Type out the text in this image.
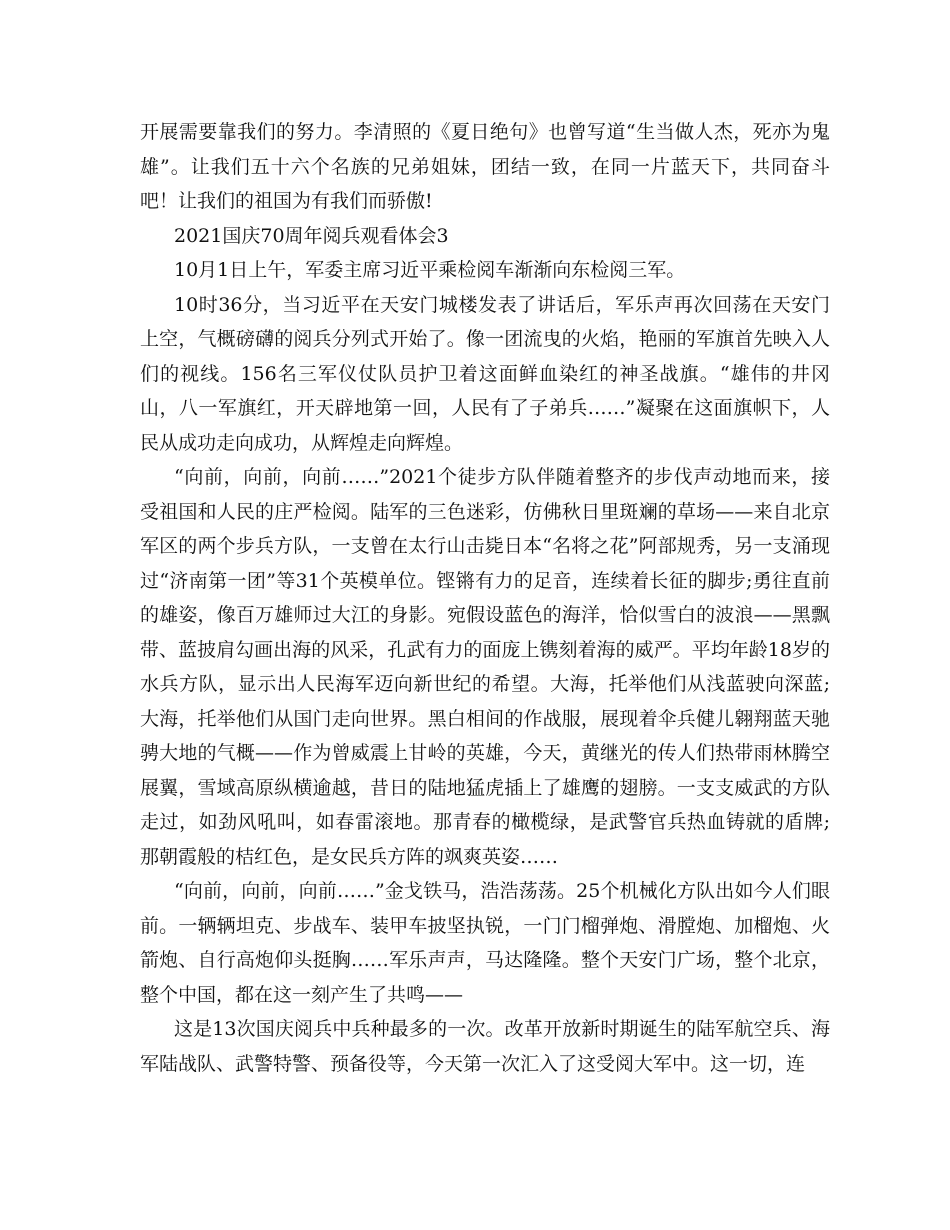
开展需要靠我们的努力。李清照的《夏日绝句》也曾写道“生当做人杰，死亦为鬼雄”。让我们五十六个名族的兄弟姐妹，团结一致，在同一片蓝天下，共同奋斗吧！让我们的祖国为有我们而骄傲!

2021国庆70周年阅兵观看体会3

10月1日上午，军委主席习近平乘检阅车渐渐向东检阅三军。

10时36分，当习近平在天安门城楼发表了讲话后，军乐声再次回荡在天安门上空，气概磅礴的阅兵分列式开始了。像一团流曳的火焰，艳丽的军旗首先映入人们的视线。156名三军仪仗队员护卫着这面鲜血染红的神圣战旗。“雄伟的井冈山，八一军旗红，开天辟地第一回，人民有了子弟兵……”凝聚在这面旗帜下，人民从成功走向成功，从辉煌走向辉煌。

“向前，向前，向前……”2021个徒步方队伴随着整齐的步伐声动地而来，接受祖国和人民的庄严检阅。陆军的三色迷彩，仿佛秋日里斑斓的草场——来自北京军区的两个步兵方队，一支曾在太行山击毙日本“名将之花”阿部规秀，另一支涌现过“济南第一团”等31个英模单位。铿锵有力的足音，连续着长征的脚步;勇往直前的雄姿，像百万雄师过大江的身影。宛假设蓝色的海洋，恰似雪白的波浪——黑飘带、蓝披肩勾画出海的风采，孔武有力的面庞上镌刻着海的威严。平均年龄18岁的水兵方队，显示出人民海军迈向新世纪的希望。大海，托举他们从浅蓝驶向深蓝;大海，托举他们从国门走向世界。黑白相间的作战服，展现着伞兵健儿翱翔蓝天驰骋大地的气概——作为曾威震上甘岭的英雄，今天，黄继光的传人们热带雨林腾空展翼，雪域高原纵横逾越，昔日的陆地猛虎插上了雄鹰的翅膀。一支支威武的方队走过，如劲风吼叫，如春雷滚地。那青春的橄榄绿，是武警官兵热血铸就的盾牌;那朝霞般的桔红色，是女民兵方阵的飒爽英姿……

“向前，向前，向前……”金戈铁马，浩浩荡荡。25个机械化方队出如今人们眼前。一辆辆坦克、步战车、装甲车披坚执锐，一门门榴弹炮、滑膛炮、加榴炮、火箭炮、自行高炮仰头挺胸……军乐声声，马达隆隆。整个天安门广场，整个北京，整个中国，都在这一刻产生了共鸣——

这是13次国庆阅兵中兵种最多的一次。改革开放新时期诞生的陆军航空兵、海军陆战队、武警特警、预备役等，今天第一次汇入了这受阅大军中。这一切，连
